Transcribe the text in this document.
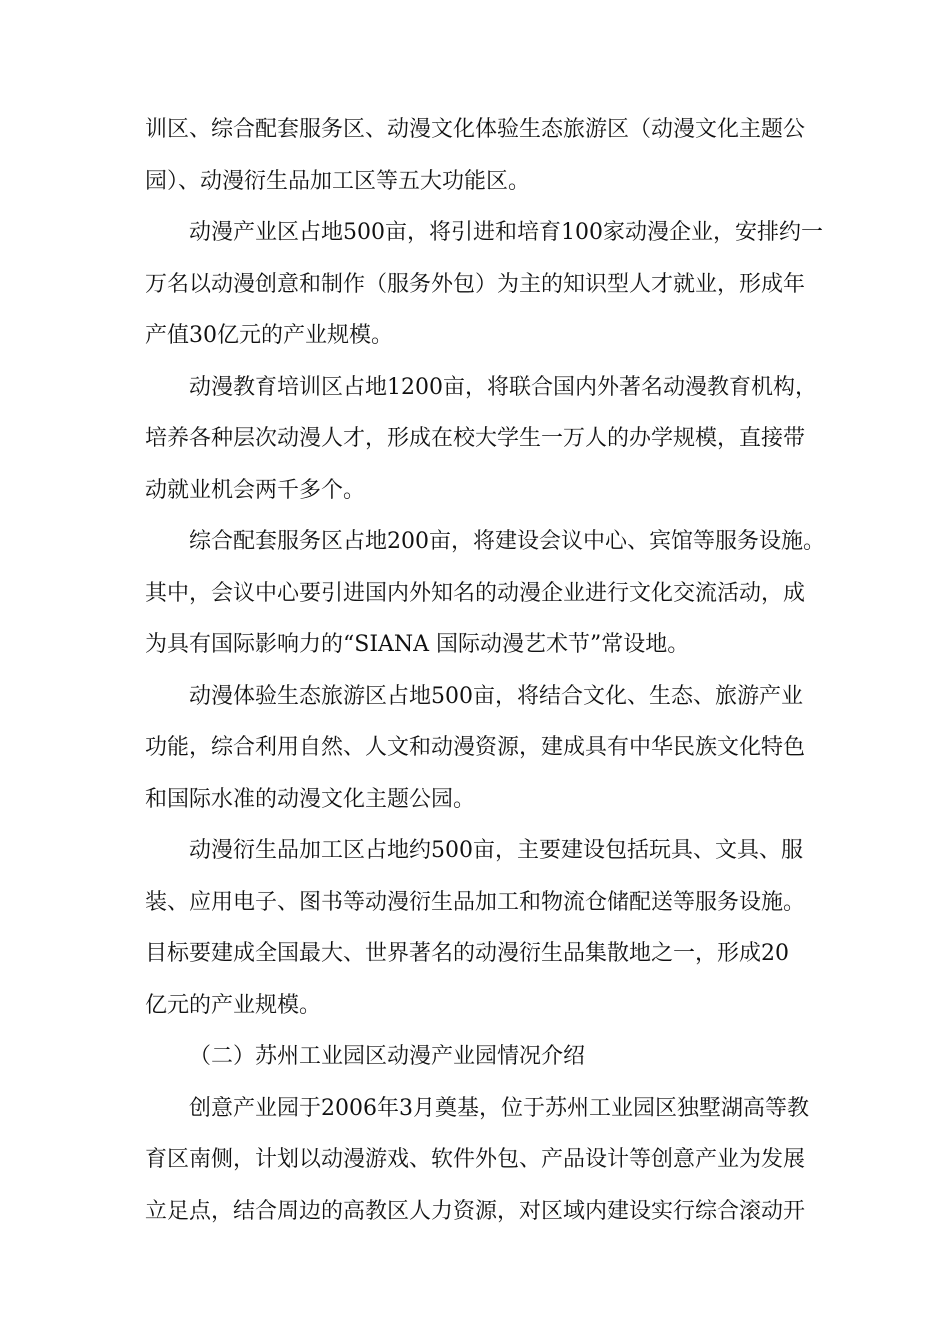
训区、综合配套服务区、动漫文化体验生态旅游区（动漫文化主题公
园）、动漫衍生品加工区等五大功能区。
动漫产业区占地500亩，将引进和培育100家动漫企业，安排约一
万名以动漫创意和制作（服务外包）为主的知识型人才就业，形成年
产值30亿元的产业规模。
动漫教育培训区占地1200亩，将联合国内外著名动漫教育机构，
培养各种层次动漫人才，形成在校大学生一万人的办学规模，直接带
动就业机会两千多个。
综合配套服务区占地200亩，将建设会议中心、宾馆等服务设施。
其中，会议中心要引进国内外知名的动漫企业进行文化交流活动，成
为具有国际影响力的“SIANA 国际动漫艺术节”常设地。
动漫体验生态旅游区占地500亩，将结合文化、生态、旅游产业
功能，综合利用自然、人文和动漫资源，建成具有中华民族文化特色
和国际水准的动漫文化主题公园。
动漫衍生品加工区占地约500亩，主要建设包括玩具、文具、服
装、应用电子、图书等动漫衍生品加工和物流仓储配送等服务设施。
目标要建成全国最大、世界著名的动漫衍生品集散地之一，形成20
亿元的产业规模。
（二）苏州工业园区动漫产业园情况介绍
创意产业园于2006年3月奠基，位于苏州工业园区独墅湖高等教
育区南侧，计划以动漫游戏、软件外包、产品设计等创意产业为发展
立足点，结合周边的高教区人力资源，对区域内建设实行综合滚动开
